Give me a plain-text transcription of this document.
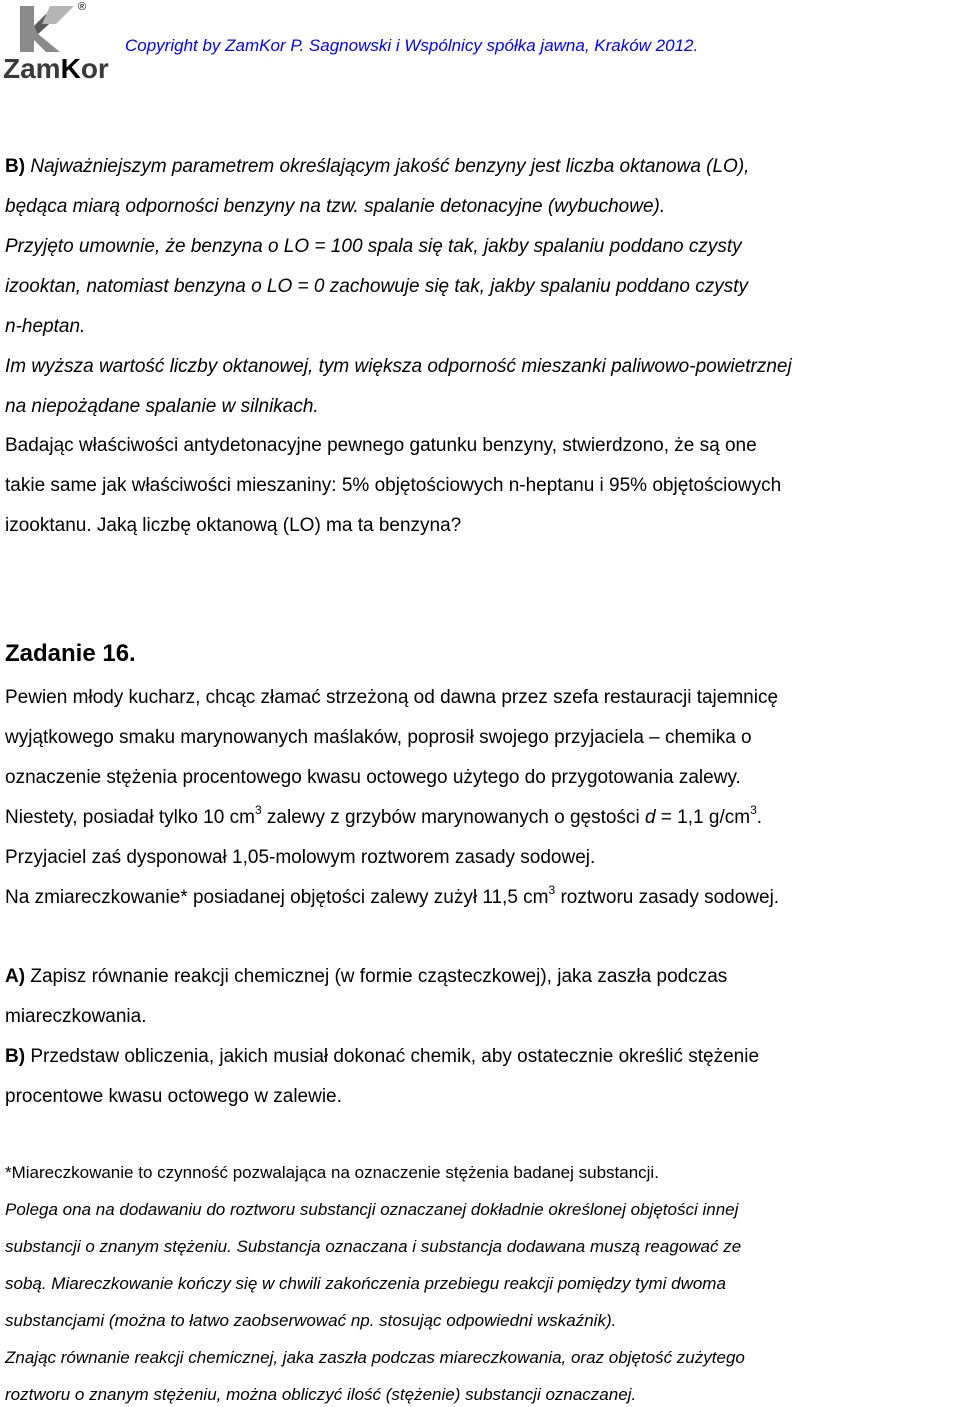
®
ZamKor
Copyright by ZamKor P. Sagnowski i Wspólnicy spółka jawna, Kraków 2012.
B) Najważniejszym parametrem określającym jakość benzyny jest liczba oktanowa (LO),
będąca miarą odporności benzyny na tzw. spalanie detonacyjne (wybuchowe).
Przyjęto umownie, że benzyna o LO = 100 spala się tak, jakby spalaniu poddano czysty
izooktan, natomiast benzyna o LO = 0 zachowuje się tak, jakby spalaniu poddano czysty
n-heptan.
Im wyższa wartość liczby oktanowej, tym większa odporność mieszanki paliwowo-powietrznej
na niepożądane spalanie w silnikach.
Badając właściwości antydetonacyjne pewnego gatunku benzyny, stwierdzono, że są one
takie same jak właściwości mieszaniny: 5% objętościowych n-heptanu i 95% objętościowych
izooktanu. Jaką liczbę oktanową (LO) ma ta benzyna?
Zadanie 16.
Pewien młody kucharz, chcąc złamać strzeżoną od dawna przez szefa restauracji tajemnicę
wyjątkowego smaku marynowanych maślaków, poprosił swojego przyjaciela – chemika o
oznaczenie stężenia procentowego kwasu octowego użytego do przygotowania zalewy.
Niestety, posiadał tylko 10 $cm^3$ zalewy z grzybów marynowanych o gęstości d = 1,1 $g/cm^3$.
Przyjaciel zaś dysponował 1,05-molowym roztworem zasady sodowej.
Na zmiareczkowanie* posiadanej objętości zalewy zużył 11,5 $cm^3$ roztworu zasady sodowej.
A) Zapisz równanie reakcji chemicznej (w formie cząsteczkowej), jaka zaszła podczas
miareczkowania.
B) Przedstaw obliczenia, jakich musiał dokonać chemik, aby ostatecznie określić stężenie
procentowe kwasu octowego w zalewie.
*Miareczkowanie to czynność pozwalająca na oznaczenie stężenia badanej substancji.
Polega ona na dodawaniu do roztworu substancji oznaczanej dokładnie określonej objętości innej
substancji o znanym stężeniu. Substancja oznaczana i substancja dodawana muszą reagować ze
sobą. Miareczkowanie kończy się w chwili zakończenia przebiegu reakcji pomiędzy tymi dwoma
substancjami (można to łatwo zaobserwować np. stosując odpowiedni wskaźnik).
Znając równanie reakcji chemicznej, jaka zaszła podczas miareczkowania, oraz objętość zużytego
roztworu o znanym stężeniu, można obliczyć ilość (stężenie) substancji oznaczanej.
